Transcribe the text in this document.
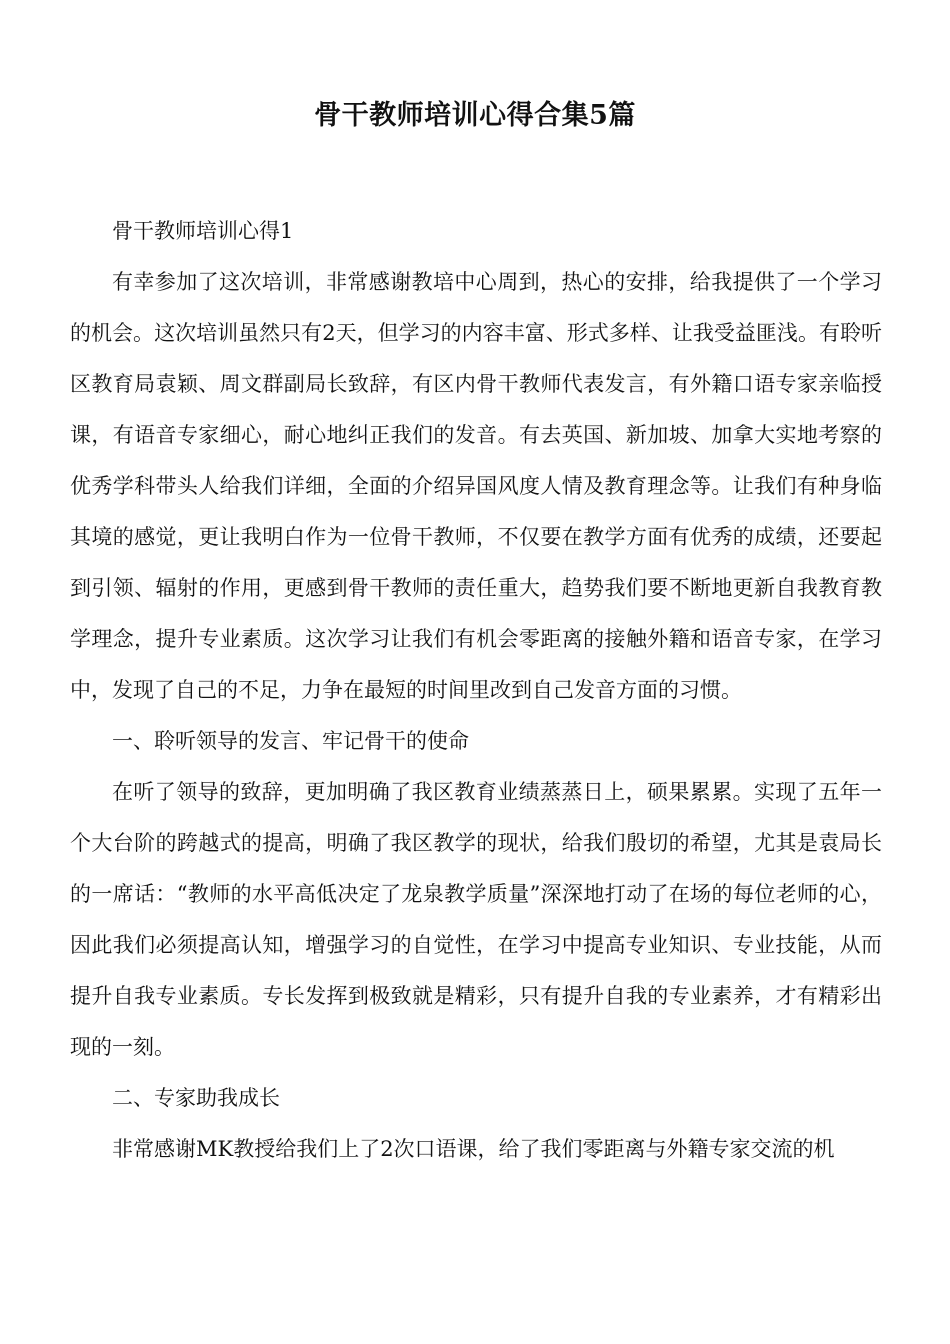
骨干教师培训心得合集5篇

骨干教师培训心得1

有幸参加了这次培训，非常感谢教培中心周到，热心的安排，给我提供了一个学习的机会。这次培训虽然只有2天，但学习的内容丰富、形式多样、让我受益匪浅。有聆听区教育局袁颖、周文群副局长致辞，有区内骨干教师代表发言，有外籍口语专家亲临授课，有语音专家细心，耐心地纠正我们的发音。有去英国、新加坡、加拿大实地考察的优秀学科带头人给我们详细，全面的介绍异国风度人情及教育理念等。让我们有种身临其境的感觉，更让我明白作为一位骨干教师，不仅要在教学方面有优秀的成绩，还要起到引领、辐射的作用，更感到骨干教师的责任重大，趋势我们要不断地更新自我教育教学理念，提升专业素质。这次学习让我们有机会零距离的接触外籍和语音专家，在学习中，发现了自己的不足，力争在最短的时间里改到自己发音方面的习惯。

一、聆听领导的发言、牢记骨干的使命

在听了领导的致辞，更加明确了我区教育业绩蒸蒸日上，硕果累累。实现了五年一个大台阶的跨越式的提高，明确了我区教学的现状，给我们殷切的希望，尤其是袁局长的一席话：“教师的水平高低决定了龙泉教学质量”深深地打动了在场的每位老师的心，因此我们必须提高认知，增强学习的自觉性，在学习中提高专业知识、专业技能，从而提升自我专业素质。专长发挥到极致就是精彩，只有提升自我的专业素养，才有精彩出现的一刻。

二、专家助我成长

非常感谢MK教授给我们上了2次口语课，给了我们零距离与外籍专家交流的机
